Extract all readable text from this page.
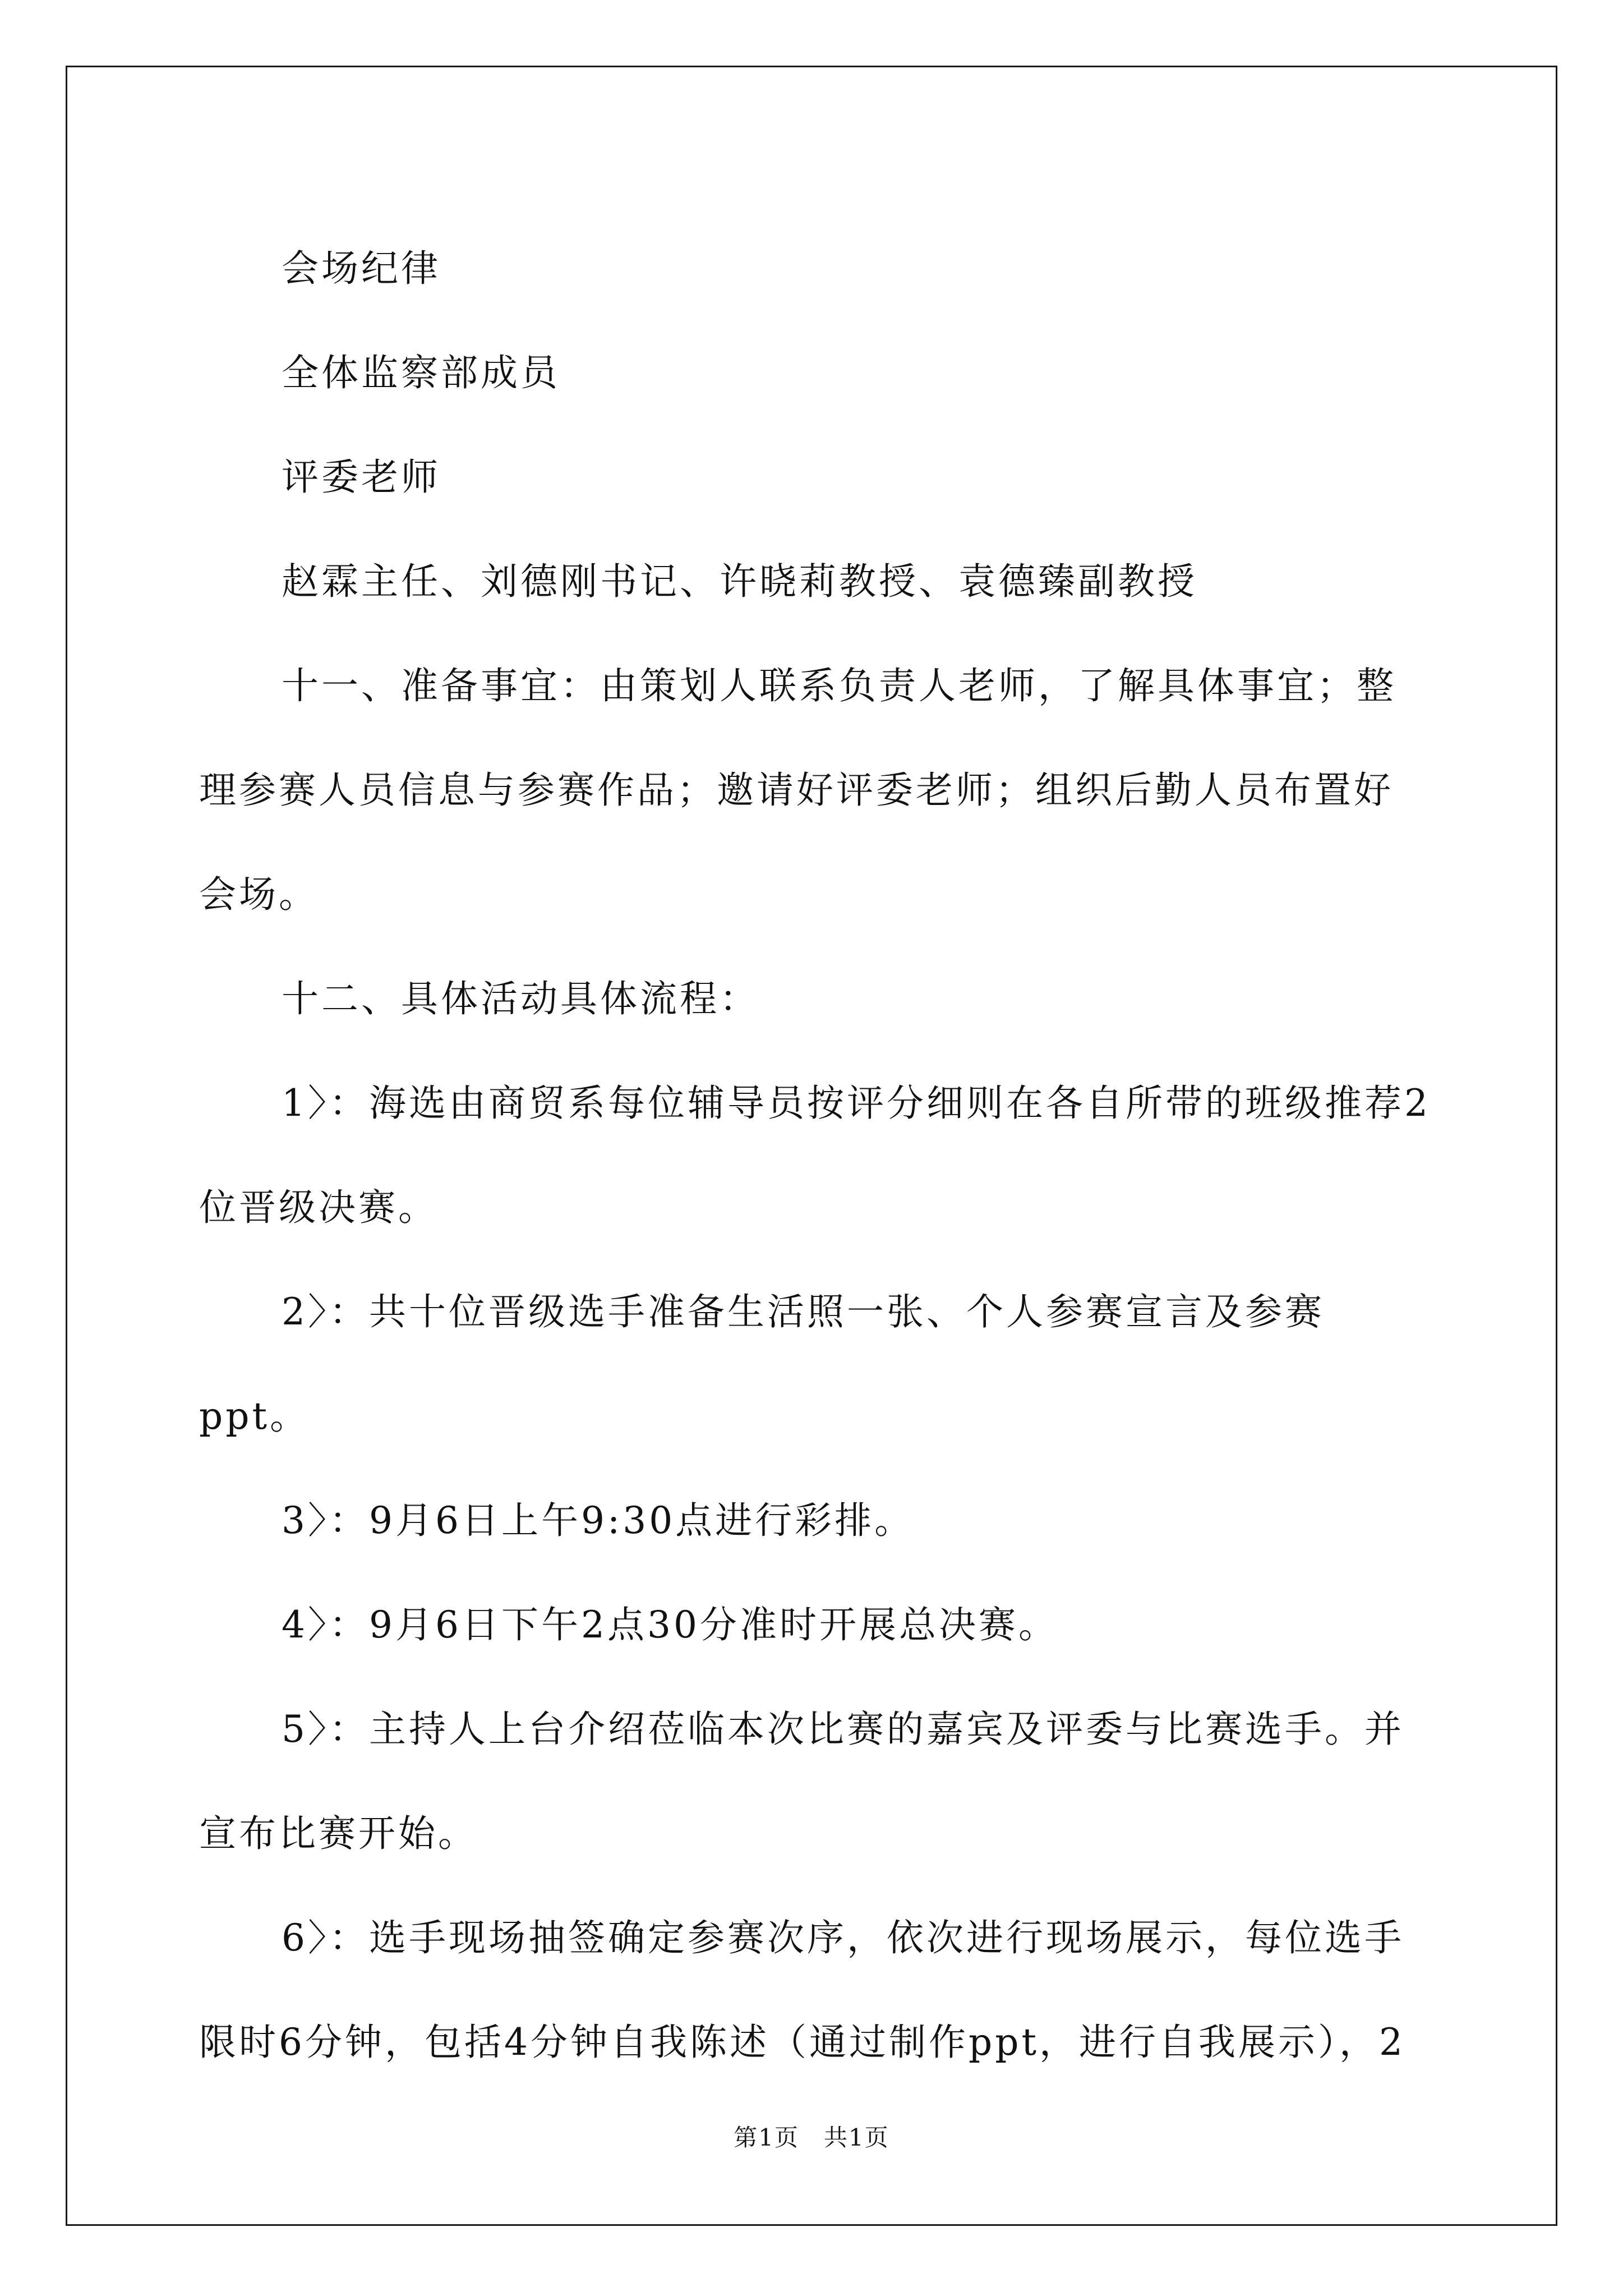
会场纪律

全体监察部成员

评委老师

赵霖主任、刘德刚书记、许晓莉教授、袁德臻副教授

十一、准备事宜：由策划人联系负责人老师，了解具体事宜；整理参赛人员信息与参赛作品；邀请好评委老师；组织后勤人员布置好会场。

十二、具体活动具体流程：

1〉：海选由商贸系每位辅导员按评分细则在各自所带的班级推荐2位晋级决赛。

2〉：共十位晋级选手准备生活照一张、个人参赛宣言及参赛ppt。

3〉：9月6日上午9:30点进行彩排。

4〉：9月6日下午2点30分准时开展总决赛。

5〉：主持人上台介绍莅临本次比赛的嘉宾及评委与比赛选手。并宣布比赛开始。

6〉：选手现场抽签确定参赛次序，依次进行现场展示，每位选手限时6分钟，包括4分钟自我陈述（通过制作ppt，进行自我展示），2

第1页　共1页
